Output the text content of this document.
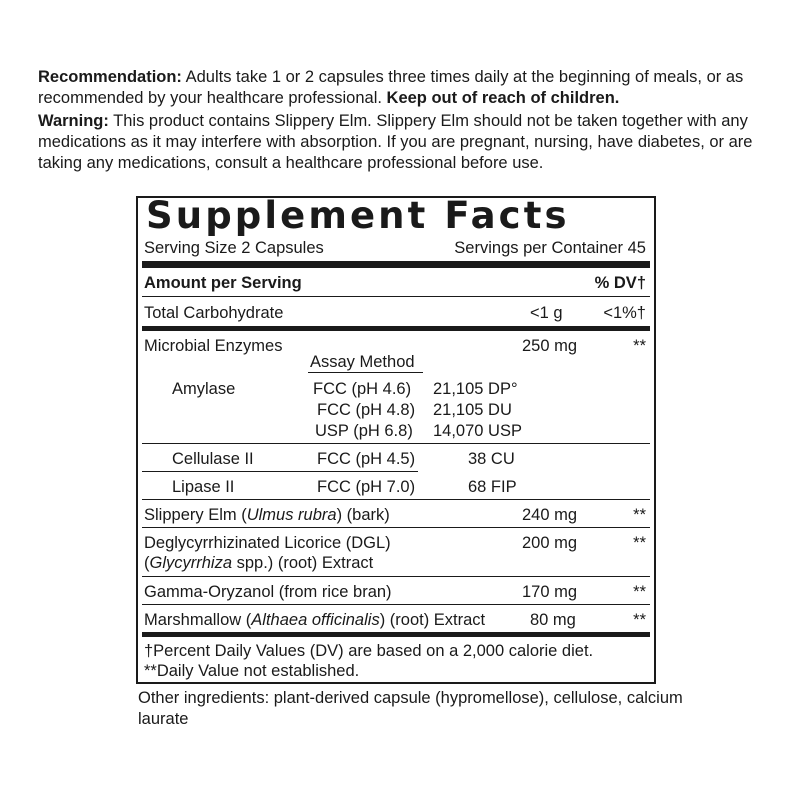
Recommendation: Adults take 1 or 2 capsules three times daily at the beginning of meals, or as recommended by your healthcare professional. Keep out of reach of children.

Warning: This product contains Slippery Elm. Slippery Elm should not be taken together with any medications as it may interfere with absorption. If you are pregnant, nursing, have diabetes, or are taking any medications, consult a healthcare professional before use.

Supplement Facts
Serving Size 2 Capsules	Servings per Container 45
Amount per Serving	% DV†
Total Carbohydrate	<1 g <1%†
Microbial Enzymes	250 mg	**
Assay Method
Amylase	FCC (pH 4.6) 21,105 DP°
FCC (pH 4.8) 21,105 DU
USP (pH 6.8) 14,070 USP
Cellulase II	FCC (pH 4.5)	38 CU
Lipase II	FCC (pH 7.0)	68 FIP
Slippery Elm (Ulmus rubra) (bark)	240 mg	**
Deglycyrrhizinated Licorice (DGL)
(Glycyrrhiza spp.) (root) Extract
200 mg	**
Gamma-Oryzanol (from rice bran)	170 mg	**
Marshmallow (Althaea officinalis) (root) Extract	80 mg	**
†Percent Daily Values (DV) are based on a 2,000 calorie diet.
**Daily Value not established.
Other ingredients: plant-derived capsule (hypromellose), cellulose, calcium laurate
